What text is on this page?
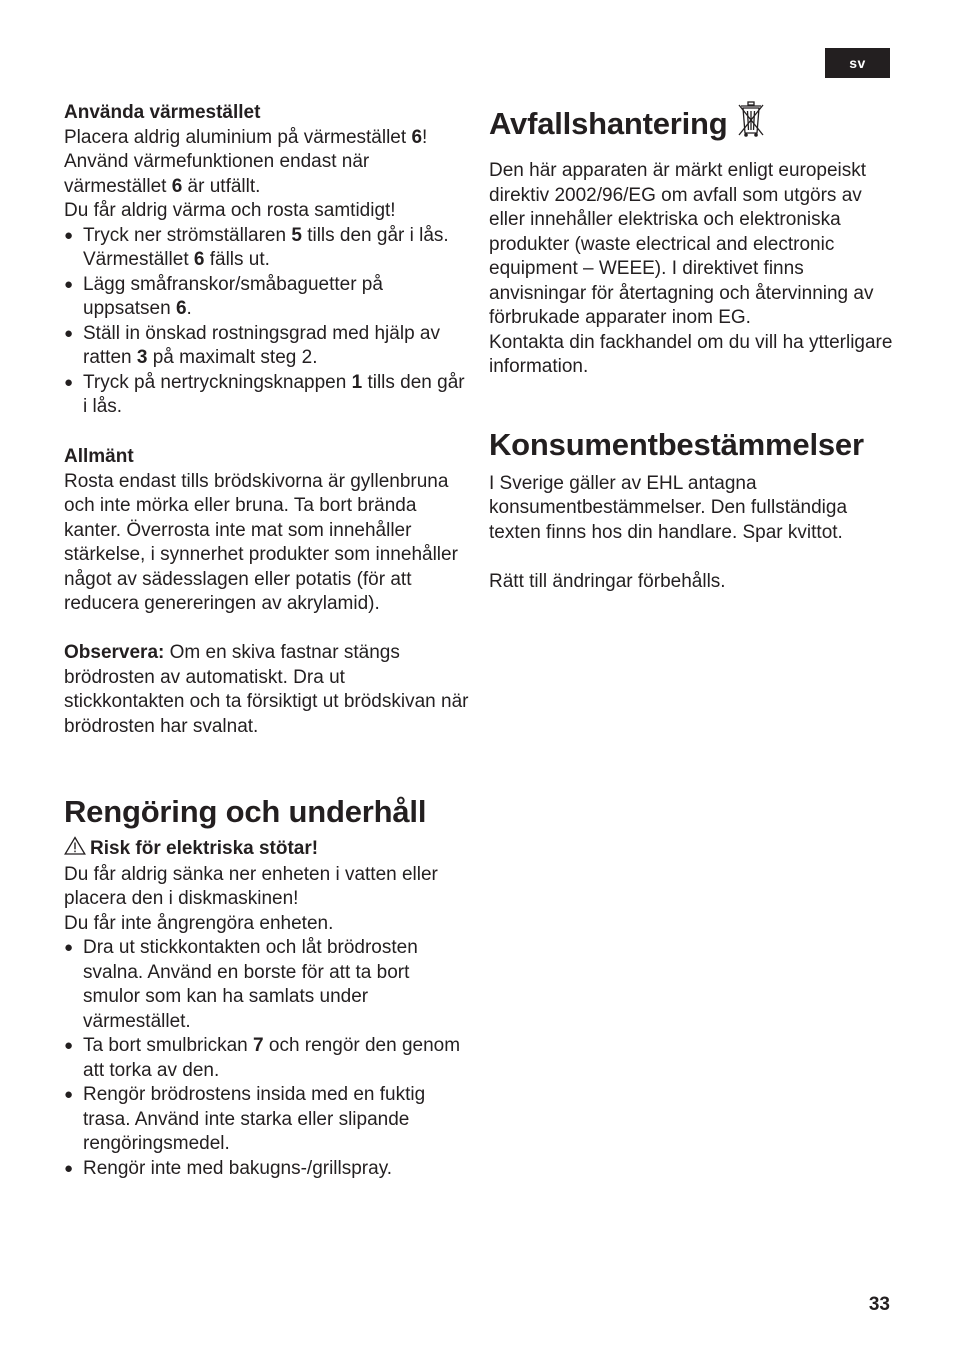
sv

Använda värmestället

Placera aldrig aluminium på värmestället 6!

Använd värmefunktionen endast när värmestället 6 är utfällt.

Du får aldrig värma och rosta samtidigt!

● Tryck ner strömställaren 5 tills den går i lås. Värmestället 6 fälls ut.
● Lägg småfranskor/småbaguetter på uppsatsen 6.
● Ställ in önskad rostningsgrad med hjälp av ratten 3 på maximalt steg 2.
● Tryck på nertryckningsknappen 1 tills den går i lås.

Allmänt

Rosta endast tills brödskivorna är gyllenbruna och inte mörka eller bruna. Ta bort brända kanter. Överrosta inte mat som innehåller stärkelse, i synnerhet produkter som innehåller något av sädesslagen eller potatis (för att reducera genereringen av akrylamid).

Observera: Om en skiva fastnar stängs brödrosten av automatiskt. Dra ut stickkontakten och ta försiktigt ut brödskivan när brödrosten har svalnat.

Rengöring och underhåll

Risk för elektriska stötar!

Du får aldrig sänka ner enheten i vatten eller placera den i diskmaskinen!

Du får inte ångrengöra enheten.

● Dra ut stickkontakten och låt brödrosten svalna. Använd en borste för att ta bort smulor som kan ha samlats under värmestället.
● Ta bort smulbrickan 7 och rengör den genom att torka av den.
● Rengör brödrostens insida med en fuktig trasa. Använd inte starka eller slipande rengöringsmedel.
● Rengör inte med bakugns-/grillspray.
Avfallshantering

Den här apparaten är märkt enligt europeiskt direktiv 2002/96/EG om avfall som utgörs av eller innehåller elektriska och elektroniska produkter (waste electrical and electronic equipment – WEEE). I direktivet finns anvisningar för återtagning och återvinning av förbrukade apparater inom EG.

Kontakta din fackhandel om du vill ha ytterligare information.

Konsumentbestämmelser

I Sverige gäller av EHL antagna konsumentbestämmelser. Den fullständiga texten finns hos din handlare. Spar kvittot.

Rätt till ändringar förbehålls.

33
